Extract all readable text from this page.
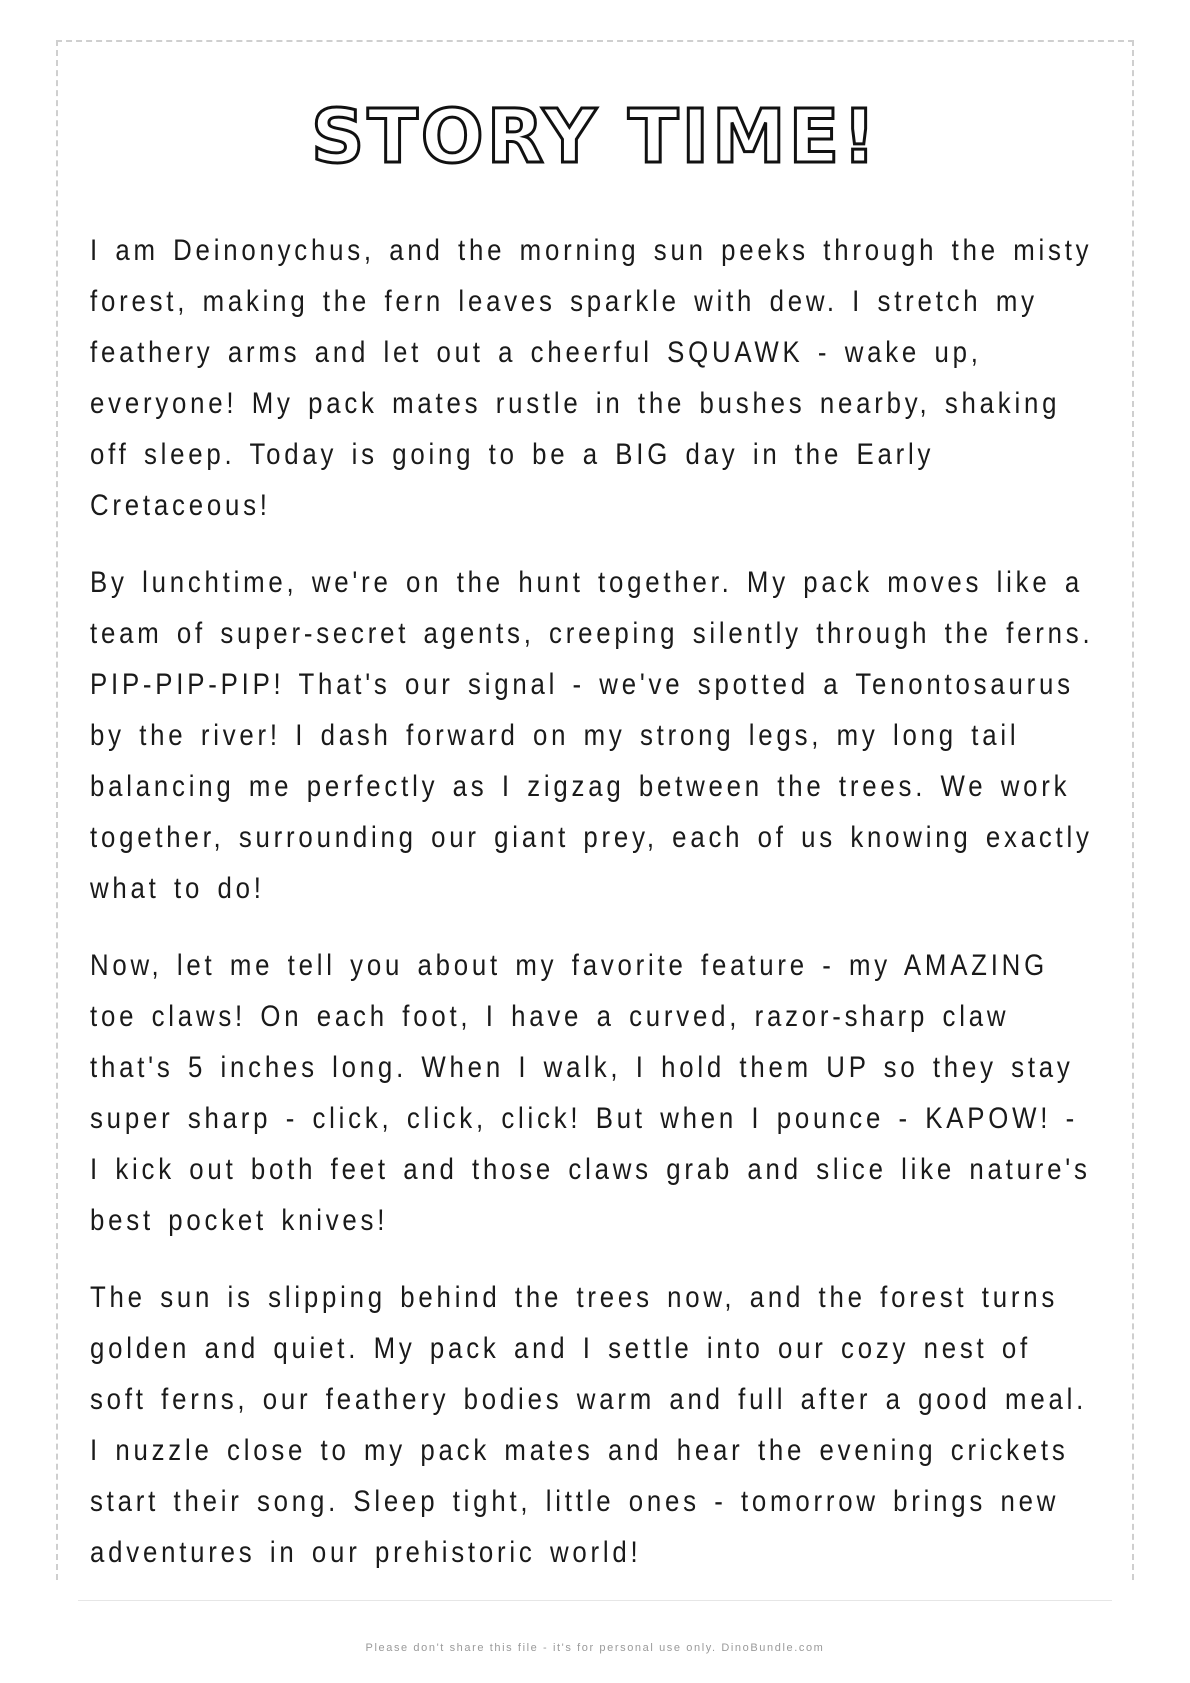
STORY TIME!

I am Deinonychus, and the morning sun peeks through the misty forest, making the fern leaves sparkle with dew. I stretch my feathery arms and let out a cheerful SQUAWK - wake up, everyone! My pack mates rustle in the bushes nearby, shaking off sleep. Today is going to be a BIG day in the Early Cretaceous!

By lunchtime, we're on the hunt together. My pack moves like a team of super-secret agents, creeping silently through the ferns. PIP-PIP-PIP! That's our signal - we've spotted a Tenontosaurus by the river! I dash forward on my strong legs, my long tail balancing me perfectly as I zigzag between the trees. We work together, surrounding our giant prey, each of us knowing exactly what to do!

Now, let me tell you about my favorite feature - my AMAZING toe claws! On each foot, I have a curved, razor-sharp claw that's 5 inches long. When I walk, I hold them UP so they stay super sharp - click, click, click! But when I pounce - KAPOW! - I kick out both feet and those claws grab and slice like nature's best pocket knives!

The sun is slipping behind the trees now, and the forest turns golden and quiet. My pack and I settle into our cozy nest of soft ferns, our feathery bodies warm and full after a good meal. I nuzzle close to my pack mates and hear the evening crickets start their song. Sleep tight, little ones - tomorrow brings new adventures in our prehistoric world!

Please don't share this file - it's for personal use only. DinoBundle.com
